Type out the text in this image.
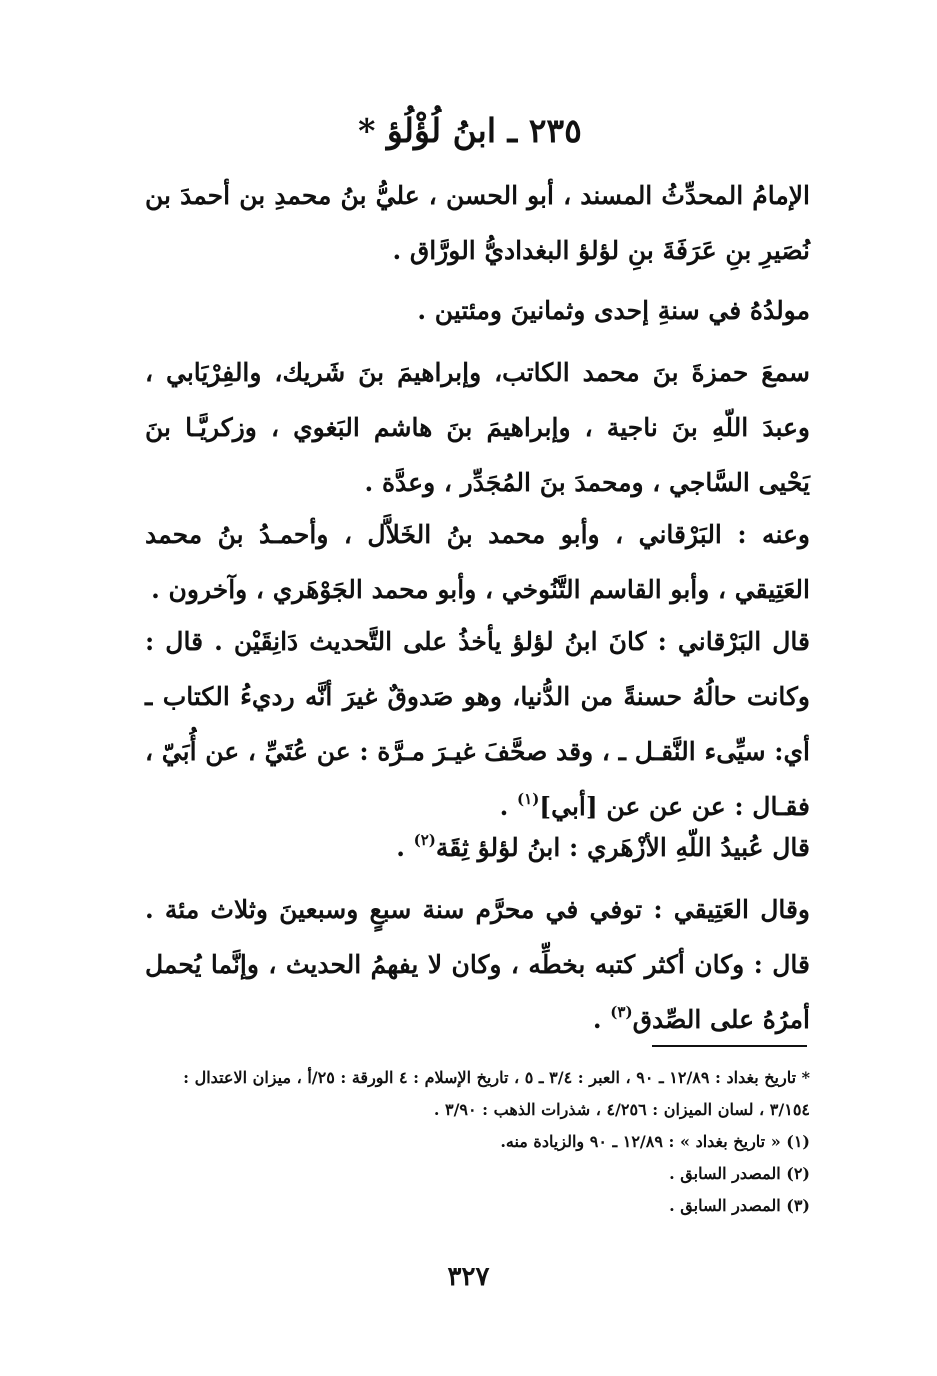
٢٣٥ ـ ابنُ لُؤْلُؤ *
الإمامُ المحدِّثُ المسند ، أبو الحسن ، عليُّ بنُ محمدِ بن أحمدَ بن نُصَيرِ بنِ عَرَفَةَ بنِ لؤلؤ البغداديُّ الورَّاق .
مولدُهُ في سنةِ إحدى وثمانينَ ومئتين .
سمعَ حمزةَ بنَ محمد الكاتب، وإبراهيمَ بنَ شَريك، والفِرْيَابي ، وعبدَ اللّهِ بنَ ناجية ، وإبراهيمَ بنَ هاشم البَغوي ، وزكريَّـا بنَ يَحْيى السَّاجي ، ومحمدَ بنَ المُجَدِّر ، وعدَّة .
وعنه : البَرْقاني ، وأبو محمد بنُ الخَلاَّل ، وأحمـدُ بنُ محمد العَتِيقي ، وأبو القاسم التَّنُوخي ، وأبو محمد الجَوْهَري ، وآخرون .
قال البَرْقاني : كانَ ابنُ لؤلؤ يأخذُ على التَّحديث دَانِقَيْن . قال : وكانت حالُهُ حسنةً من الدُّنيا، وهو صَدوقٌ غيرَ أنَّه رديءُ الكتاب ـ أي: سيِّىء النَّقـل ـ ، وقد صحَّفَ غيـرَ مـرَّة : عن عُتَيِّ ، عن أُبَيّ ، فقـال : عن عن عن [أبي]$^{(١)}$ .
قال عُبيدُ اللّهِ الأزْهَري : ابنُ لؤلؤ ثِقَة$^{(٢)}$ .
وقال العَتِيقي : توفي في محرَّم سنة سبعٍ وسبعينَ وثلاث مئة . قال : وكان أكثر كتبه بخطِّه ، وكان لا يفهمُ الحديث ، وإنَّما يُحمل أمرُهُ على الصِّدق$^{(٣)}$ .

* تاريخ بغداد : ١٢/٨٩ ـ ٩٠ ، العبر : ٣/٤ ـ ٥ ، تاريخ الإسلام : ٤ الورقة : ٢٥/أ ، ميزان الاعتدال : ٣/١٥٤ ، لسان الميزان : ٤/٢٥٦ ، شذرات الذهب : ٣/٩٠ .

(١) « تاريخ بغداد » : ١٢/٨٩ ـ ٩٠ والزيادة منه.

(٢) المصدر السابق .

(٣) المصدر السابق .

٣٢٧
